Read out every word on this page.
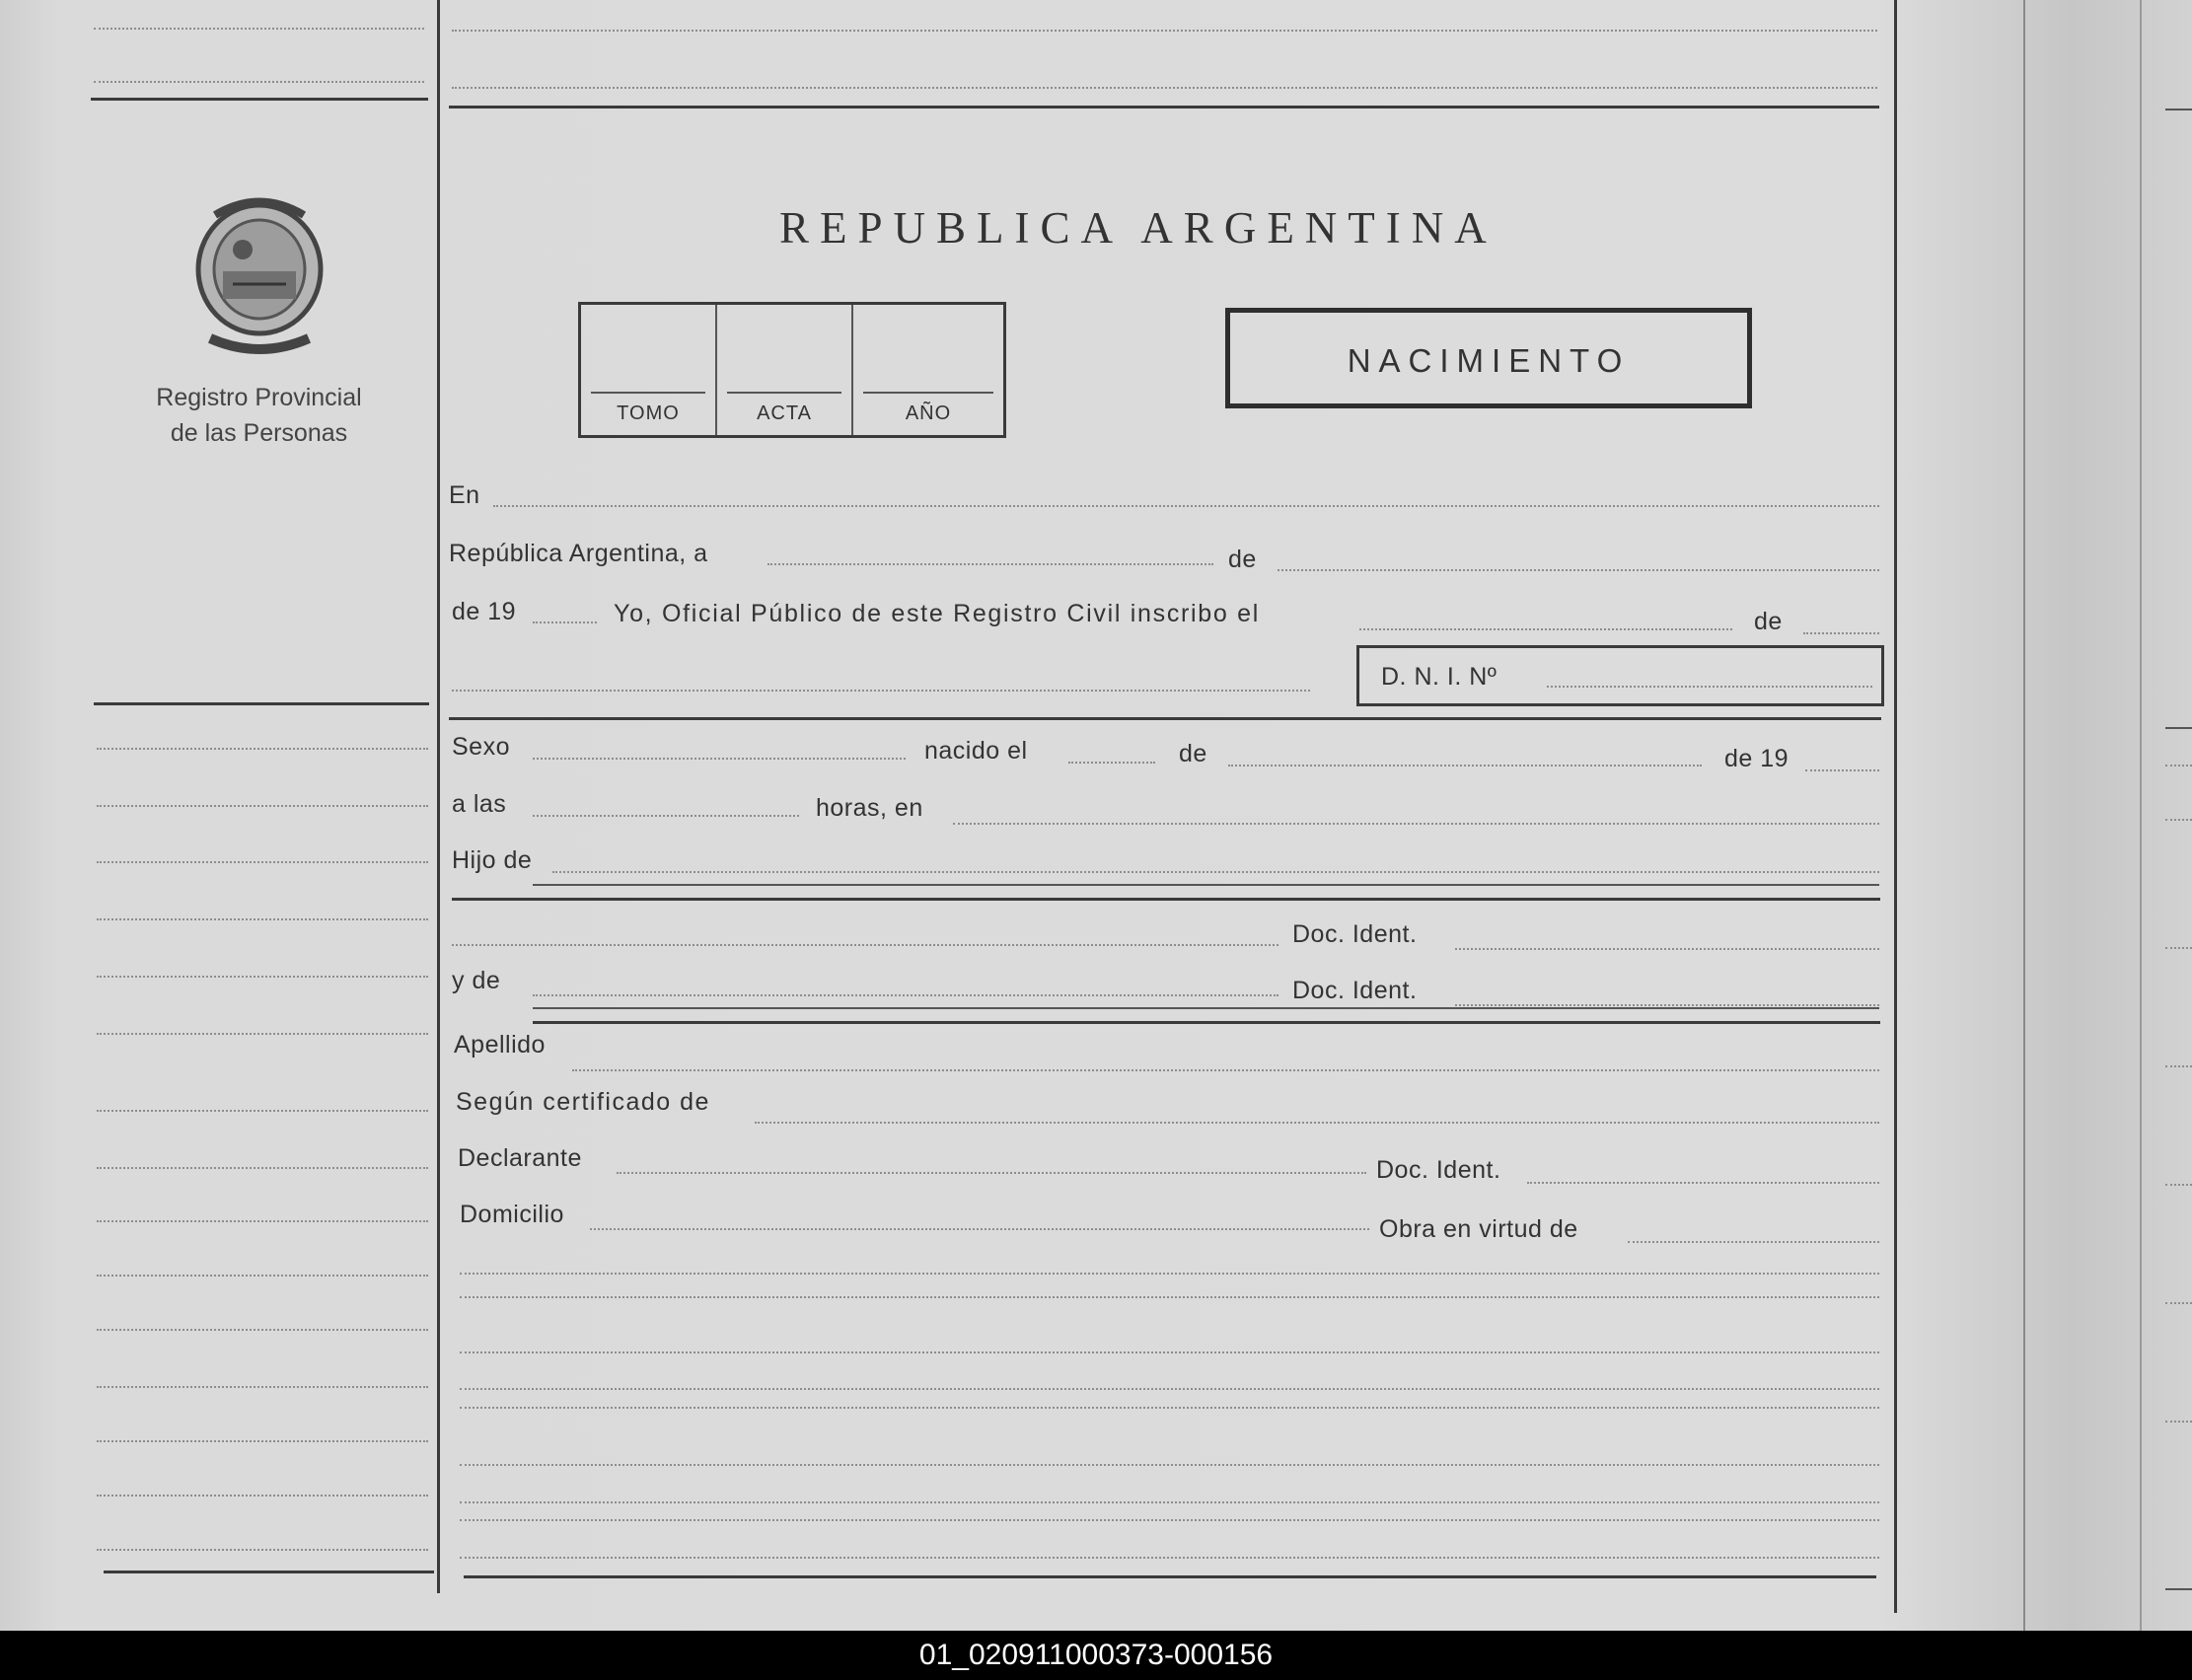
Registro Provincial
de las Personas
REPUBLICA ARGENTINA
TOMO	ACTA	AÑO
NACIMIENTO
En
República Argentina, a	de
de 19	Yo, Oficial Público de este Registro Civil inscribo el	de
D. N. I. Nº
Sexo	nacido el	de	de 19
a las	horas, en
Hijo de
Doc. Ident.
y de	Doc. Ident.
Apellido
Según certificado de
Declarante	Doc. Ident.
Domicilio
Obra en virtud de
01_020911000373-000156
